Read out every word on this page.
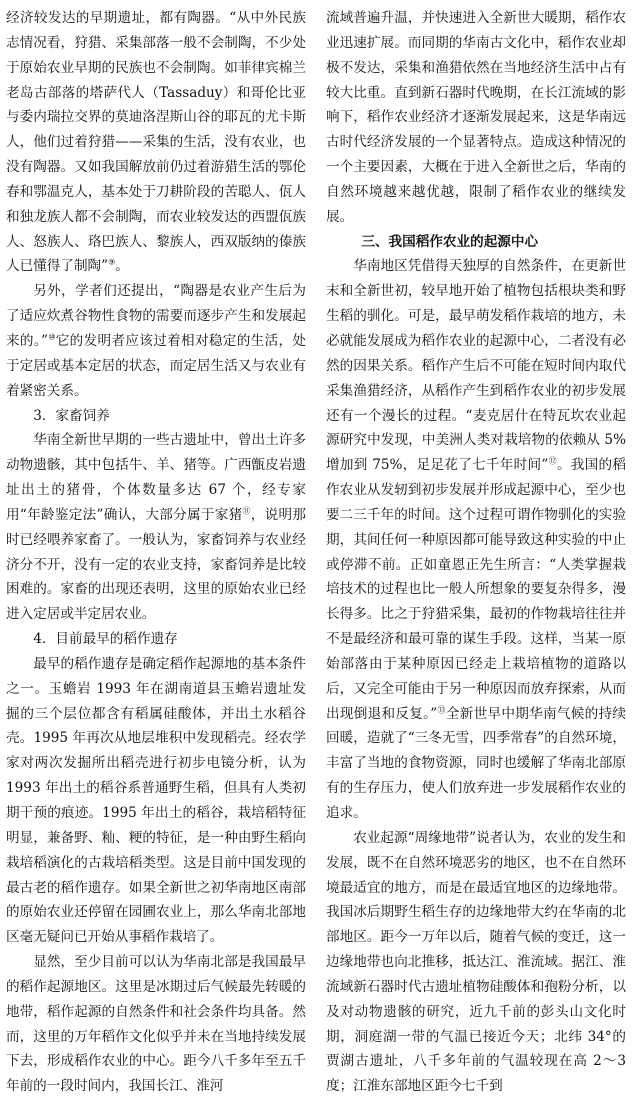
经济较发达的早期遗址，都有陶器。“从中外民族志情况看，狩猎、采集部落一般不会制陶，不少处于原始农业早期的民族也不会制陶。如菲律宾棉兰老岛古部落的塔萨代人（Tassaduy）和哥伦比亚与委内瑞拉交界的莫迪洛涅斯山谷的耶瓦的尤卡斯人，他们过着狩猎——采集的生活，没有农业，也没有陶器。又如我国解放前仍过着游猎生活的鄂伦春和鄂温克人，基本处于刀耕阶段的苦聪人、佤人和独龙族人都不会制陶，而农业较发达的西盟佤族人、怒族人、珞巴族人、黎族人，西双版纳的傣族人已懂得了制陶”⑨。

另外，学者们还提出，“陶器是农业产生后为了适应炊煮谷物性食物的需要而逐步产生和发展起来的。”⑩它的发明者应该过着相对稳定的生活，处于定居或基本定居的状态，而定居生活又与农业有着紧密关系。

3．家畜饲养

华南全新世早期的一些古遗址中，曾出土许多动物遗骸，其中包括牛、羊、猪等。广西甑皮岩遗址出土的猪骨，个体数量多达 67 个，经专家用“年龄鉴定法”确认，大部分属于家猪⑪，说明那时已经喂养家畜了。一般认为，家畜饲养与农业经济分不开，没有一定的农业支持，家畜饲养是比较困难的。家畜的出现还表明，这里的原始农业已经进入定居或半定居农业。

4．目前最早的稻作遗存

最早的稻作遗存是确定稻作起源地的基本条件之一。玉蟾岩 1993 年在湖南道县玉蟾岩遗址发掘的三个层位都含有稻属硅酸体，并出土水稻谷壳。1995 年再次从地层堆积中发现稻壳。经农学家对两次发掘所出稻壳进行初步电镜分析，认为 1993 年出土的稻谷系普通野生稻，但具有人类初期干预的痕迹。1995 年出土的稻谷，栽培稻特征明显，兼备野、籼、粳的特征，是一种由野生稻向栽培稻演化的古栽培稻类型。这是目前中国发现的最古老的稻作遗存。如果全新世之初华南地区南部的原始农业还停留在园圃农业上，那么华南北部地区毫无疑问已开始从事稻作栽培了。

显然，至少目前可以认为华南北部是我国最早的稻作起源地区。这里是冰期过后气候最先转暖的地带，稻作起源的自然条件和社会条件均具备。然而，这里的万年稻作文化似乎并未在当地持续发展下去，形成稻作农业的中心。距今八千多年至五千年前的一段时间内，我国长江、淮河

流域普遍升温，并快速进入全新世大暖期，稻作农业迅速扩展。而同期的华南古文化中，稻作农业却极不发达，采集和渔猎依然在当地经济生活中占有较大比重。直到新石器时代晚期，在长江流域的影响下，稻作农业经济才逐渐发展起来，这是华南远古时代经济发展的一个显著特点。造成这种情况的一个主要因素，大概在于进入全新世之后，华南的自然环境越来越优越，限制了稻作农业的继续发展。

三、我国稻作农业的起源中心

华南地区凭借得天独厚的自然条件，在更新世末和全新世初，较早地开始了植物包括根块类和野生稻的驯化。可是，最早萌发稻作栽培的地方，未必就能发展成为稻作农业的起源中心，二者没有必然的因果关系。稻作产生后不可能在短时间内取代采集渔猎经济，从稻作产生到稻作农业的初步发展还有一个漫长的过程。“麦克居什在特瓦坎农业起源研究中发现，中美洲人类对栽培物的依赖从 5%增加到 75%，足足花了七千年时间”⑫。我国的稻作农业从发轫到初步发展并形成起源中心，至少也要二三千年的时间。这个过程可谓作物驯化的实验期，其间任何一种原因都可能导致这种实验的中止或停滞不前。正如童恩正先生所言：“人类掌握栽培技术的过程也比一般人所想象的要复杂得多，漫长得多。比之于狩猎采集，最初的作物栽培往往并不是最经济和最可靠的谋生手段。这样，当某一原始部落由于某种原因已经走上栽培植物的道路以后，又完全可能由于另一种原因而放弃探索，从而出现倒退和反复。”⑬全新世早中期华南气候的持续回暖，造就了“三冬无雪，四季常春”的自然环境，丰富了当地的食物资源，同时也缓解了华南北部原有的生存压力，使人们放弃进一步发展稻作农业的追求。

农业起源“周缘地带”说者认为，农业的发生和发展，既不在自然环境恶劣的地区，也不在自然环境最适宜的地方，而是在最适宜地区的边缘地带。我国冰后期野生稻生存的边缘地带大约在华南的北部地区。距今一万年以后，随着气候的变迁，这一边缘地带也向北推移，抵达江、淮流域。据江、淮流域新石器时代古遗址植物硅酸体和孢粉分析，以及对动物遗骸的研究，近九千前的彭头山文化时期，洞庭湖一带的气温已接近今天；北纬 34°的贾湖古遗址，八千多年前的气温较现在高 2～3 度；江淮东部地区距今七千到
